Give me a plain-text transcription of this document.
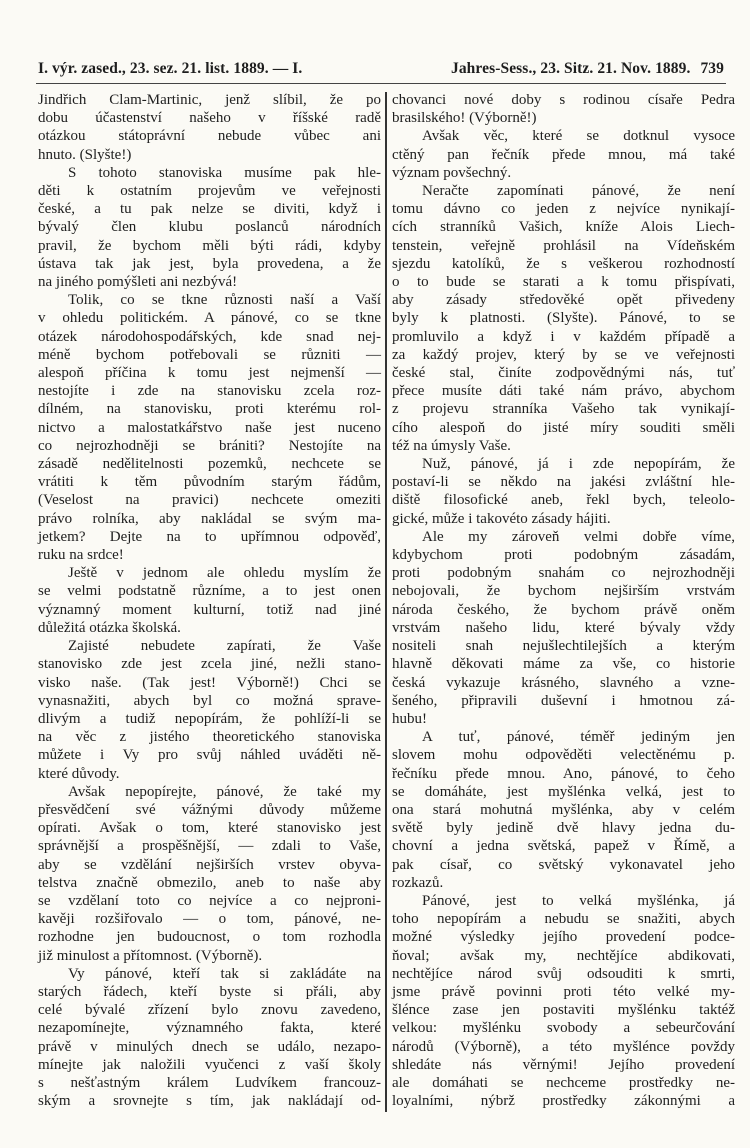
I. výr. zased., 23. sez. 21. list. 1889. — I.	Jahres-Sess., 23. Sitz. 21. Nov. 1889. 739
Jindřich Clam-Martinic, jenž slíbil, že po
dobu účastenství našeho v říšské radě
otázkou státoprávní nebude vůbec ani
hnuto. (Slyšte!)
S tohoto stanoviska musíme pak hle-
děti k ostatním projevům ve veřejnosti
české, a tu pak nelze se diviti, když i
bývalý člen klubu poslanců národních
pravil, že bychom měli býti rádi, kdyby
ústava tak jak jest, byla provedena, a že
na jiného pomýšleti ani nezbývá!
Tolik, co se tkne různosti naší a Vaší
v ohledu politickém. A pánové, co se tkne
otázek národohospodářských, kde snad nej-
méně bychom potřebovali se různiti —
alespoň příčina k tomu jest nejmenší —
nestojíte i zde na stanovisku zcela roz-
dílném, na stanovisku, proti kterému rol-
nictvo a malostatkářstvo naše jest nuceno
co nejrozhodněji se brániti? Nestojíte na
zásadě nedělitelnosti pozemků, nechcete se
vrátiti k těm původním starým řádům,
(Veselost na pravici) nechcete omeziti
právo rolníka, aby nakládal se svým ma-
jetkem? Dejte na to upřímnou odpověď,
ruku na srdce!
Ještě v jednom ale ohledu myslím že
se velmi podstatně různíme, a to jest onen
významný moment kulturní, totiž nad jiné
důležitá otázka školská.
Zajisté nebudete zapírati, že Vaše
stanovisko zde jest zcela jiné, nežli stano-
visko naše. (Tak jest! Výborně!) Chci se
vynasnažiti, abych byl co možná sprave-
dlivým a tudiž nepopírám, že pohlíží-li se
na věc z jistého theoretického stanoviska
můžete i Vy pro svůj náhled uváděti ně-
které důvody.
Avšak nepopírejte, pánové, že také my
přesvědčení své vážnými důvody můžeme
opírati. Avšak o tom, které stanovisko jest
správnější a prospěšnější, — zdali to Vaše,
aby se vzdělání nejširších vrstev obyva-
telstva značně obmezilo, aneb to naše aby
se vzdělaní toto co nejvíce a co nejproni-
kavěji rozšiřovalo — o tom, pánové, ne-
rozhodne jen budoucnost, o tom rozhodla
již minulost a přítomnost. (Výborně).
Vy pánové, kteří tak si zakládáte na
starých řádech, kteří byste si přáli, aby
celé bývalé zřízení bylo znovu zavedeno,
nezapomínejte, významného fakta, které
právě v minulých dnech se událo, nezapo-
mínejte jak naložili vyučenci z vaší školy
s nešťastným králem Ludvíkem francouz-
ským a srovnejte s tím, jak nakládají od-
chovanci nové doby s rodinou císaře Pedra
brasilského! (Výborně!)
Avšak věc, které se dotknul vysoce
ctěný pan řečník přede mnou, má také
význam povšechný.
Neračte zapomínati pánové, že není
tomu dávno co jeden z nejvíce nynikají-
cích stranníků Vašich, kníže Alois Liech-
tenstein, veřejně prohlásil na Vídeňském
sjezdu katolíků, že s veškerou rozhodností
o to bude se starati a k tomu přispívati,
aby zásady středověké opět přivedeny
byly k platnosti. (Slyšte). Pánové, to se
promluvilo a když i v každém případě a
za každý projev, který by se ve veřejnosti
české stal, činíte zodpovědnými nás, tuť
přece musíte dáti také nám právo, abychom
z projevu stranníka Vašeho tak vynikají-
cího alespoň do jisté míry souditi směli
též na úmysly Vaše.
Nuž, pánové, já i zde nepopírám, že
postaví-li se někdo na jakési zvláštní hle-
diště filosofické aneb, řekl bych, teleolo-
gické, může i takovéto zásady hájiti.
Ale my zároveň velmi dobře víme,
kdybychom proti podobným zásadám,
proti podobným snahám co nejrozhodněji
nebojovali, že bychom nejširším vrstvám
národa českého, že bychom právě oněm
vrstvám našeho lidu, které bývaly vždy
nositeli snah nejušlechtilejších a kterým
hlavně děkovati máme za vše, co historie
česká vykazuje krásného, slavného a vzne-
šeného, připravili duševní i hmotnou zá-
hubu!
A tuť, pánové, téměř jediným jen
slovem mohu odpověděti velectěnému p.
řečníku přede mnou. Ano, pánové, to čeho
se domáháte, jest myšlénka velká, jest to
ona stará mohutná myšlénka, aby v celém
světě byly jedině dvě hlavy jedna du-
chovní a jedna světská, papež v Římě, a
pak císař, co světský vykonavatel jeho
rozkazů.
Pánové, jest to velká myšlénka, já
toho nepopírám a nebudu se snažiti, abych
možné výsledky jejího provedení podce-
ňoval; avšak my, nechtějíce abdikovati,
nechtějíce národ svůj odsouditi k smrti,
jsme právě povinni proti této velké my-
šlénce zase jen postaviti myšlénku taktéž
velkou: myšlénku svobody a sebeurčování
národů (Výborně), a této myšlénce povždy
shledáte nás věrnými! Jejího provedení
ale domáhati se nechceme prostředky ne-
loyalními, nýbrž prostředky zákonnými a
